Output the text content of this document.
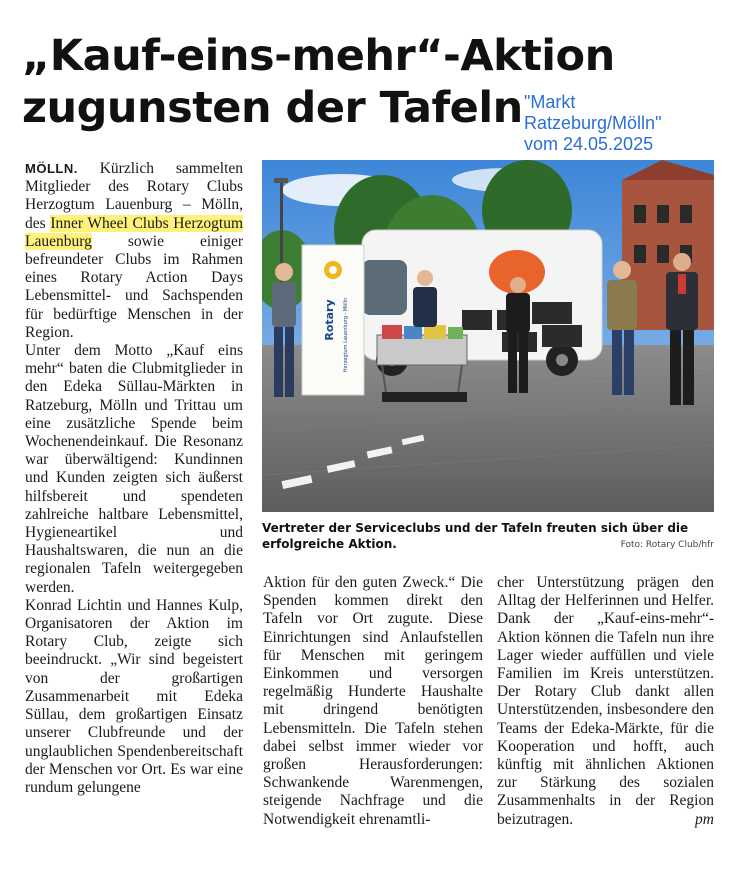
„Kauf-eins-mehr“-Aktion
zugunsten der Tafeln "Markt
Ratzeburg/Mölln"
vom 24.05.2025

MÖLLN. Kürzlich sammelten Mitglieder des Rotary Clubs Herzogtum Lauenburg – Mölln, des Inner Wheel Clubs Herzogtum Lauenburg sowie einiger befreundeter Clubs im Rahmen eines Rotary Action Days Lebensmittel- und Sachspenden für bedürftige Menschen in der Region.

Unter dem Motto „Kauf eins mehr“ baten die Clubmitglieder in den Edeka Süllau-Märkten in Ratzeburg, Mölln und Trittau um eine zusätzliche Spende beim Wochenendeinkauf. Die Resonanz war überwältigend: Kundinnen und Kunden zeigten sich äußerst hilfsbereit und spendeten zahlreiche haltbare Lebensmittel, Hygieneartikel und Haushaltswaren, die nun an die regionalen Tafeln weitergegeben werden.

Konrad Lichtin und Hannes Kulp, Organisatoren der Aktion im Rotary Club, zeigte sich beeindruckt. „Wir sind begeistert von der großartigen Zusammenarbeit mit Edeka Süllau, dem großartigen Einsatz unserer Clubfreunde und der unglaublichen Spendenbereitschaft der Menschen vor Ort. Es war eine rundum gelungene

Rotary Herzogtum Lauenburg - Mölln
Vertreter der Serviceclubs und der Tafeln freuten sich über die erfolgreiche Aktion.	Foto: Rotary Club/hfr

Aktion für den guten Zweck.“ Die Spenden kommen direkt den Tafeln vor Ort zugute. Diese Einrichtungen sind Anlaufstellen für Menschen mit geringem Einkommen und versorgen regelmäßig Hunderte Haushalte mit dringend benötigten Lebensmitteln. Die Tafeln stehen dabei selbst immer wieder vor großen Herausforderungen: Schwankende Warenmengen, steigende Nachfrage und die Notwendigkeit ehrenamtli-

cher Unterstützung prägen den Alltag der Helferinnen und Helfer. Dank der „Kauf-eins-mehr“-Aktion können die Tafeln nun ihre Lager wieder auffüllen und viele Familien im Kreis unterstützen. Der Rotary Club dankt allen Unterstützenden, insbesondere den Teams der Edeka-Märkte, für die Kooperation und hofft, auch künftig mit ähnlichen Aktionen zur Stärkung des sozialen Zusammenhalts in der Region beizutragen.	pm
